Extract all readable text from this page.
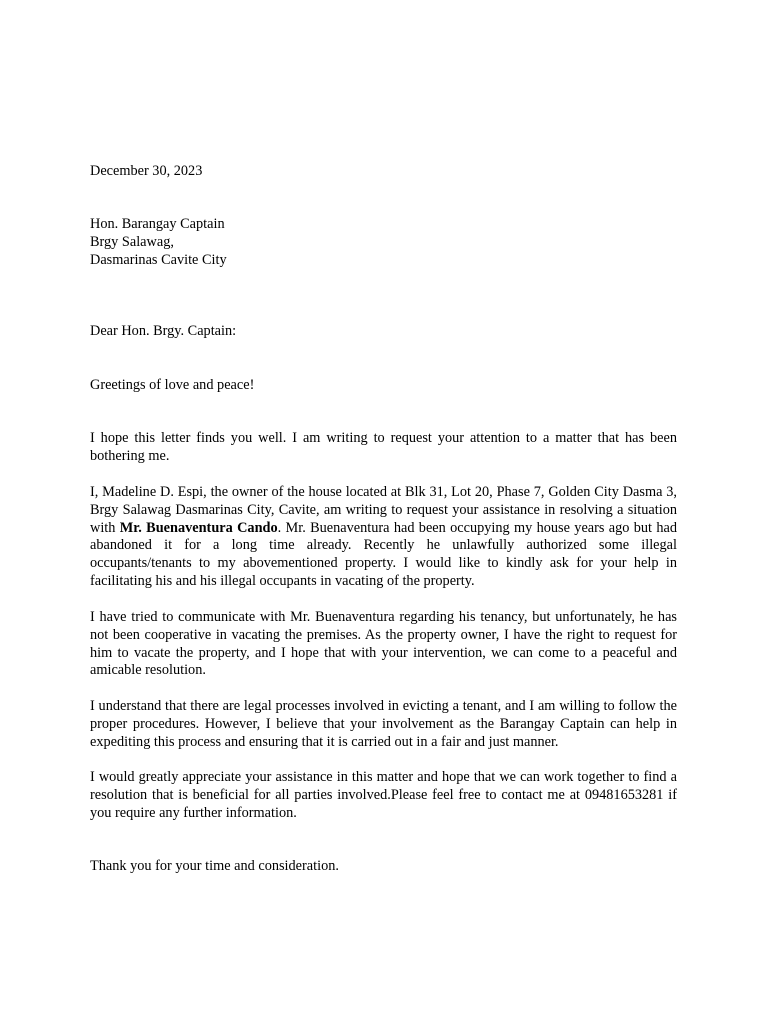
December 30, 2023

Hon. Barangay Captain
Brgy Salawag,
Dasmarinas Cavite City

Dear Hon. Brgy. Captain:

Greetings of love and peace!

I hope this letter finds you well. I am writing to request your attention to a matter that has been bothering me.

I, Madeline D. Espi, the owner of the house located at Blk 31, Lot 20, Phase 7, Golden City Dasma 3, Brgy Salawag Dasmarinas City, Cavite, am writing to request your assistance in resolving a situation with Mr. Buenaventura Cando. Mr. Buenaventura had been occupying my house years ago but had abandoned it for a long time already. Recently he unlawfully authorized some illegal occupants/tenants to my abovementioned property. I would like to kindly ask for your help in facilitating his and his illegal occupants in vacating of the property.

I have tried to communicate with Mr. Buenaventura regarding his tenancy, but unfortunately, he has not been cooperative in vacating the premises. As the property owner, I have the right to request for him to vacate the property, and I hope that with your intervention, we can come to a peaceful and amicable resolution.

I understand that there are legal processes involved in evicting a tenant, and I am willing to follow the proper procedures. However, I believe that your involvement as the Barangay Captain can help in expediting this process and ensuring that it is carried out in a fair and just manner.

I would greatly appreciate your assistance in this matter and hope that we can work together to find a resolution that is beneficial for all parties involved.Please feel free to contact me at 09481653281 if you require any further information.

Thank you for your time and consideration.
